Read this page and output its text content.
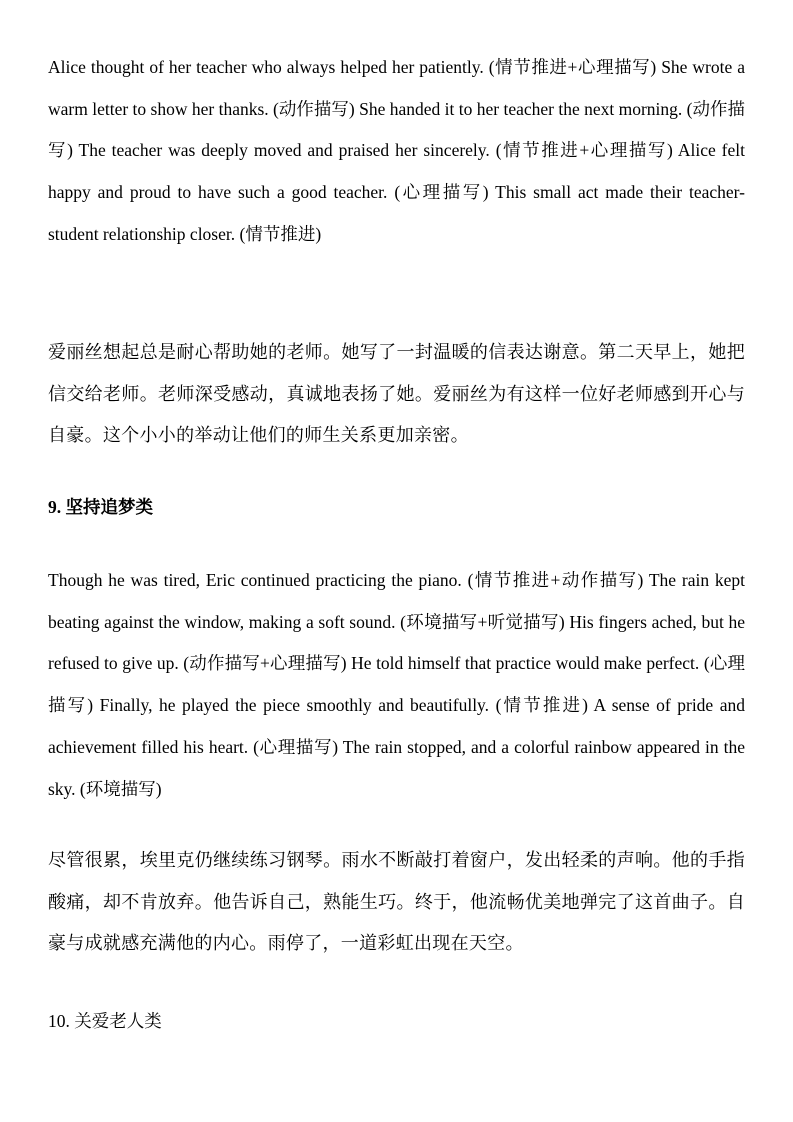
Alice thought of her teacher who always helped her patiently. (情节推进+心理描写) She wrote a warm letter to show her thanks. (动作描写) She handed it to her teacher the next morning. (动作描写) The teacher was deeply moved and praised her sincerely. (情节推进+心理描写) Alice felt happy and proud to have such a good teacher. (心理描写) This small act made their teacher-student relationship closer. (情节推进)

爱丽丝想起总是耐心帮助她的老师。她写了一封温暖的信表达谢意。第二天早上，她把信交给老师。老师深受感动，真诚地表扬了她。爱丽丝为有这样一位好老师感到开心与自豪。这个小小的举动让他们的师生关系更加亲密。

9. 坚持追梦类

Though he was tired, Eric continued practicing the piano. (情节推进+动作描写) The rain kept beating against the window, making a soft sound. (环境描写+听觉描写) His fingers ached, but he refused to give up. (动作描写+心理描写) He told himself that practice would make perfect. (心理描写) Finally, he played the piece smoothly and beautifully. (情节推进) A sense of pride and achievement filled his heart. (心理描写) The rain stopped, and a colorful rainbow appeared in the sky. (环境描写)

尽管很累，埃里克仍继续练习钢琴。雨水不断敲打着窗户，发出轻柔的声响。他的手指酸痛，却不肯放弃。他告诉自己，熟能生巧。终于，他流畅优美地弹完了这首曲子。自豪与成就感充满他的内心。雨停了，一道彩虹出现在天空。

10. 关爱老人类
